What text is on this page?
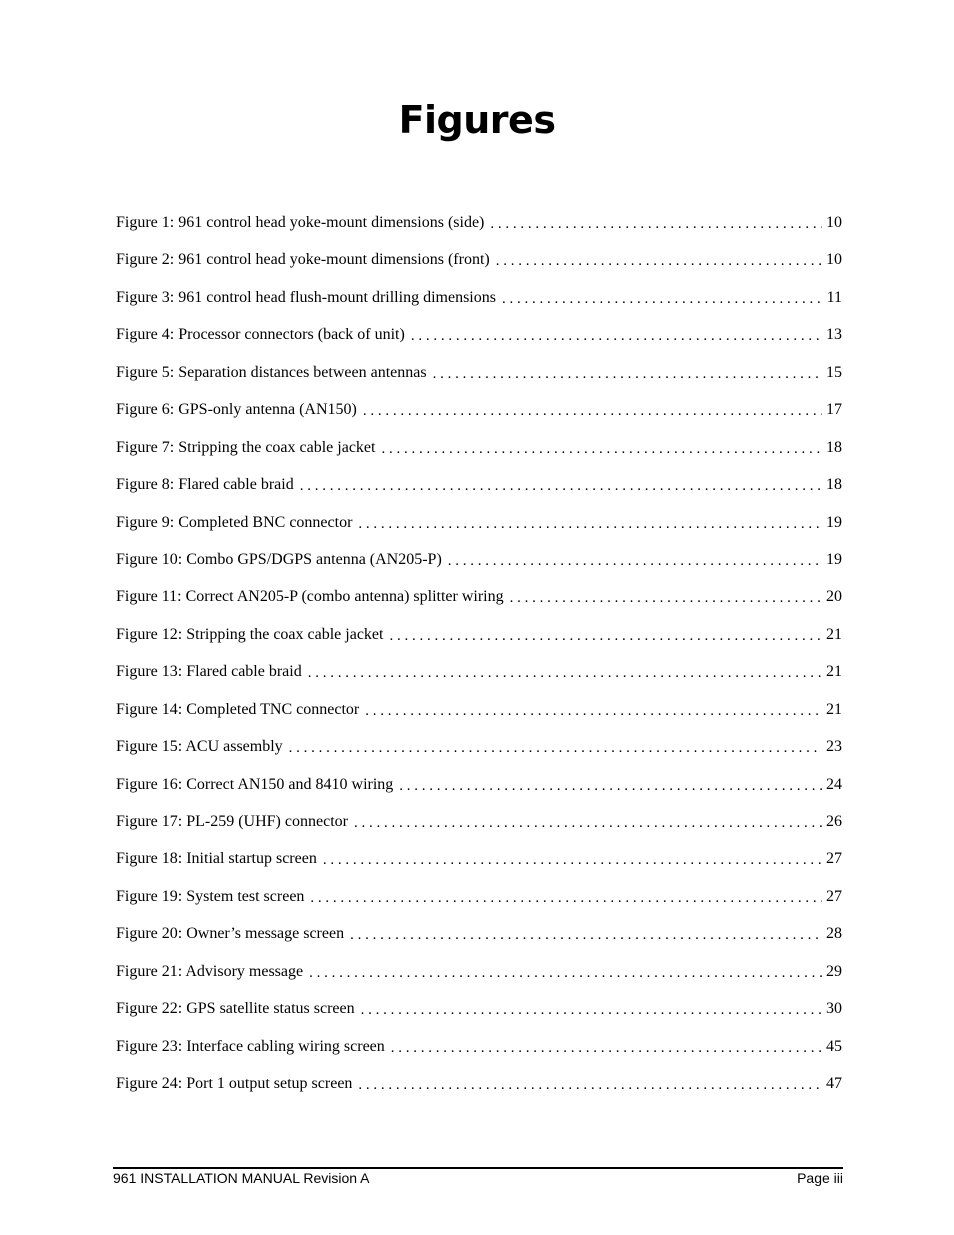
Figures
Figure 1: 961 control head yoke-mount dimensions (side) . . .	10
Figure 2: 961 control head yoke-mount dimensions (front) . . .	10
Figure 3: 961 control head flush-mount drilling dimensions . . .	11
Figure 4: Processor connectors (back of unit) . . .	13
Figure 5: Separation distances between antennas . . .	15
Figure 6: GPS-only antenna (AN150) . . .	17
Figure 7: Stripping the coax cable jacket . . .	18
Figure 8: Flared cable braid . . .	18
Figure 9: Completed BNC connector . . .	19
Figure 10: Combo GPS/DGPS antenna (AN205-P) . . .	19
Figure 11: Correct AN205-P (combo antenna) splitter wiring . . .	20
Figure 12: Stripping the coax cable jacket . . .	21
Figure 13: Flared cable braid . . .	21
Figure 14: Completed TNC connector . . .	21
Figure 15: ACU assembly . . .	23
Figure 16: Correct AN150 and 8410 wiring . . .	24
Figure 17: PL-259 (UHF) connector . . .	26
Figure 18: Initial startup screen . . .	27
Figure 19: System test screen . . .	27
Figure 20: Owner’s message screen . . .	28
Figure 21: Advisory message . . .	29
Figure 22: GPS satellite status screen . . .	30
Figure 23: Interface cabling wiring screen . . .	45
Figure 24: Port 1 output setup screen . . .	47
961 INSTALLATION MANUAL Revision A	Page iii
